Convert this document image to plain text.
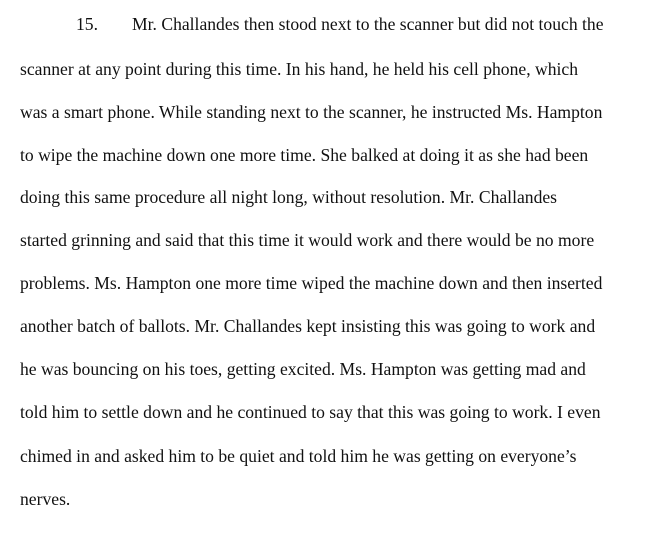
15. Mr. Challandes then stood next to the scanner but did not touch the

scanner at any point during this time. In his hand, he held his cell phone, which

was a smart phone. While standing next to the scanner, he instructed Ms. Hampton

to wipe the machine down one more time. She balked at doing it as she had been

doing this same procedure all night long, without resolution. Mr. Challandes

started grinning and said that this time it would work and there would be no more

problems. Ms. Hampton one more time wiped the machine down and then inserted

another batch of ballots. Mr. Challandes kept insisting this was going to work and

he was bouncing on his toes, getting excited. Ms. Hampton was getting mad and

told him to settle down and he continued to say that this was going to work. I even

chimed in and asked him to be quiet and told him he was getting on everyone’s

nerves.
